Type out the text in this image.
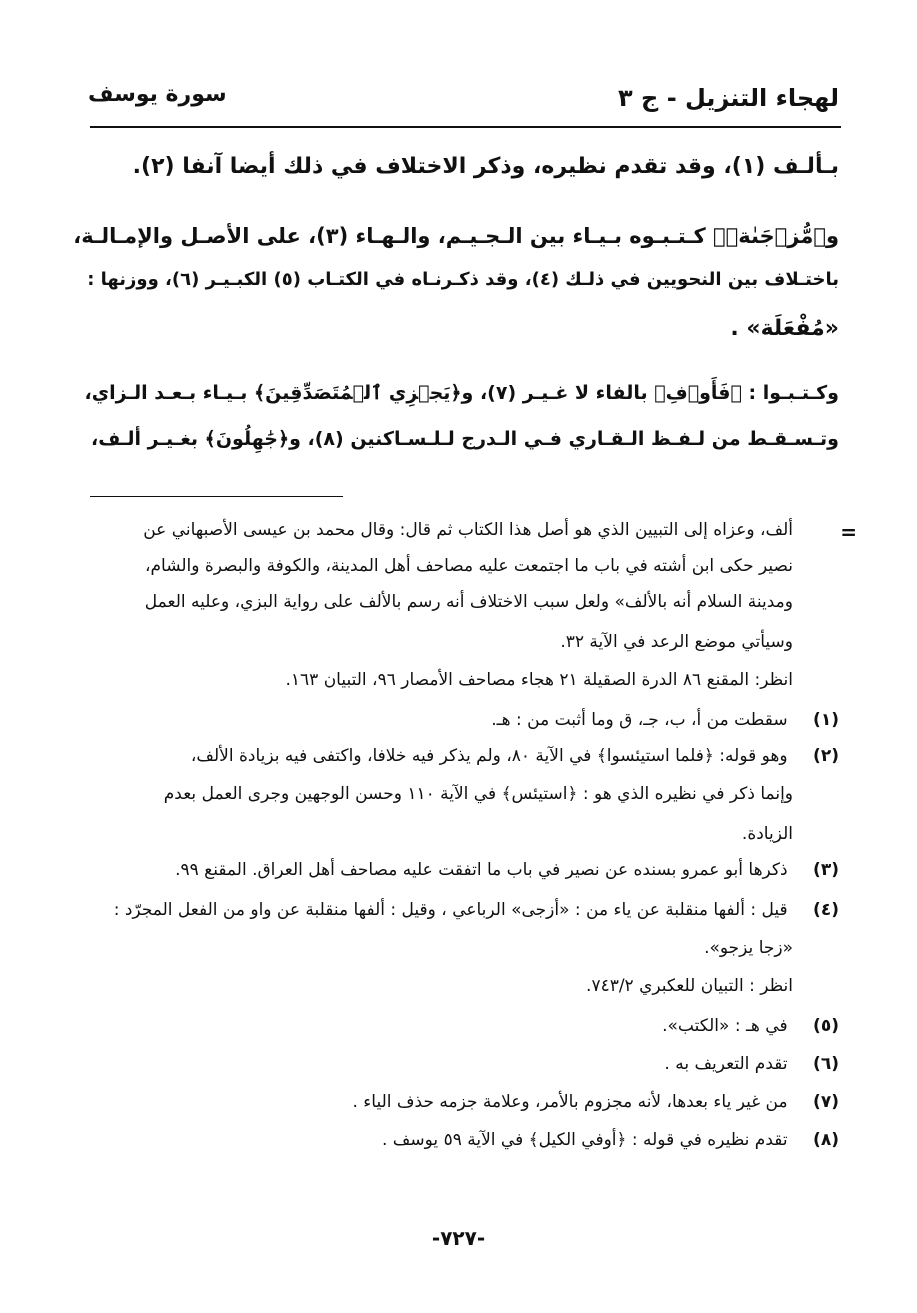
لهجاء التنزيل - ج ٣
سورة يوسف
بـألـف (١)، وقد تقدم نظيره، وذكر الاختلاف في ذلك أيضا آنفا (٢).
و﴿مُّزۡجَىٰةٖ﴾ كـتـبـوه بـيـاء بين الـجـيـم، والـهـاء (٣)، على الأصـل والإمـالـة،
باختـلاف بين النحويين في ذلـك (٤)، وقد ذكـرنـاه في الكتـاب (٥) الكبـيـر (٦)، ووزنها :
«مُفْعَلَة» .
وكـتـبـوا : ﴿فَأَوۡفِ﴾ بالفاء لا غـيـر (٧)، و﴿يَجۡزِي ٱلۡمُتَصَدِّقِينَ﴾ بـيـاء بـعـد الـزاي،
وتـسـقـط من لـفـظ الـقـاري فـي الـدرج لـلـسـاكنين (٨)، و﴿جَٰهِلُونَ﴾ بغـيـر ألـف،
=
ألف، وعزاه إلى التبيين الذي هو أصل هذا الكتاب ثم قال: وقال محمد بن عيسى الأصبهاني عن
نصير حكى ابن أشته في باب ما اجتمعت عليه مصاحف أهل المدينة، والكوفة والبصرة والشام،
ومدينة السلام أنه بالألف» ولعل سبب الاختلاف أنه رسم بالألف على رواية البزي، وعليه العمل
وسيأتي موضع الرعد في الآية ٣٢.
انظر: المقنع ٨٦ الدرة الصقيلة ٢١ هجاء مصاحف الأمصار ٩٦، التبيان ١٦٣.
(١) سقطت من أ، ب، جـ، ق وما أثبت من : هـ.
(٢) وهو قوله: ﴿فلما استيئسوا﴾ في الآية ٨٠، ولم يذكر فيه خلافا، واكتفى فيه بزيادة الألف،
وإنما ذكر في نظيره الذي هو : ﴿استيئس﴾ في الآية ١١٠ وحسن الوجهين وجرى العمل بعدم
الزيادة.
(٣) ذكرها أبو عمرو بسنده عن نصير في باب ما اتفقت عليه مصاحف أهل العراق. المقنع ٩٩.
(٤) قيل : ألفها منقلبة عن ياء من : «أزجى» الرباعي ، وقيل : ألفها منقلبة عن واو من الفعل المجرّد :
«زجا يزجو».
انظر : التبيان للعكبري ٧٤٣/٢.
(٥) في هـ : «الكتب».
(٦) تقدم التعريف به .
(٧) من غير ياء بعدها، لأنه مجزوم بالأمر، وعلامة جزمه حذف الياء .
(٨) تقدم نظيره في قوله : ﴿أوفي الكيل﴾ في الآية ٥٩ يوسف .
-٧٢٧-
